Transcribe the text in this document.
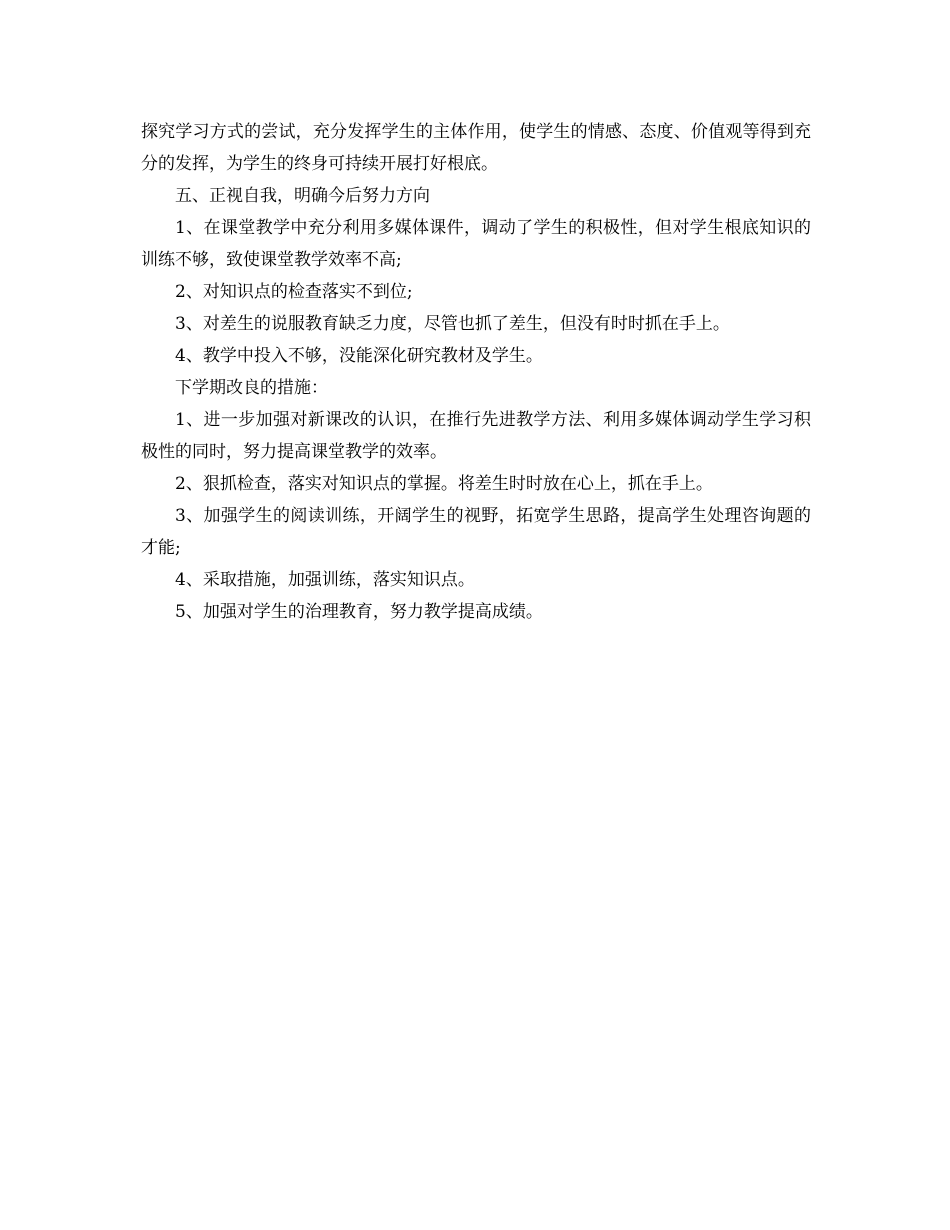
探究学习方式的尝试，充分发挥学生的主体作用，使学生的情感、态度、价值观等得到充分的发挥，为学生的终身可持续开展打好根底。

五、正视自我，明确今后努力方向

1、在课堂教学中充分利用多媒体课件，调动了学生的积极性，但对学生根底知识的训练不够，致使课堂教学效率不高;

2、对知识点的检查落实不到位;

3、对差生的说服教育缺乏力度，尽管也抓了差生，但没有时时抓在手上。

4、教学中投入不够，没能深化研究教材及学生。

下学期改良的措施：

1、进一步加强对新课改的认识，在推行先进教学方法、利用多媒体调动学生学习积极性的同时，努力提高课堂教学的效率。

2、狠抓检查，落实对知识点的掌握。将差生时时放在心上，抓在手上。

3、加强学生的阅读训练，开阔学生的视野，拓宽学生思路，提高学生处理咨询题的才能;

4、采取措施，加强训练，落实知识点。

5、加强对学生的治理教育，努力教学提高成绩。
